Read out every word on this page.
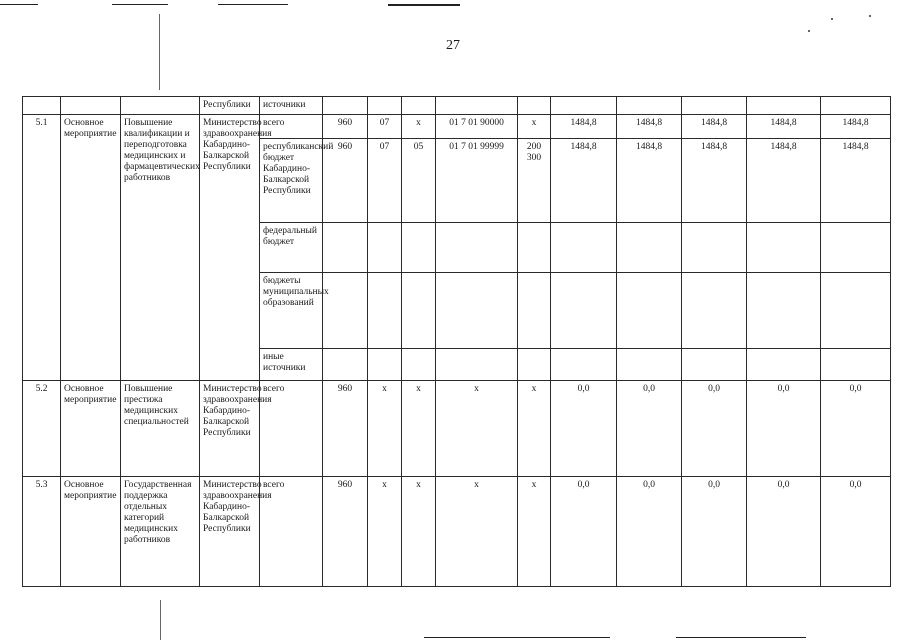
27
			Республики	источники										
5.1	Основное мероприятие	Повышение квалификации и переподготовка медицинских и фармацевтических работников	Министерство здравоохранения Кабардино-Балкарской Республики	всего	960	07	х	01 7 01 90000	х	1484,8	1484,8	1484,8	1484,8	1484,8
				республиканский бюджет Кабардино-Балкарской Республики	960	07	05	01 7 01 99999	200 300	1484,8	1484,8	1484,8	1484,8	1484,8
				федеральный бюджет										
				бюджеты муниципальных образований										
				иные источники										
5.2	Основное мероприятие	Повышение престижа медицинских специальностей	Министерство здравоохранения Кабардино-Балкарской Республики	всего	960	х	х	х	х	0,0	0,0	0,0	0,0	0,0
5.3	Основное мероприятие	Государственная поддержка отдельных категорий медицинских работников	Министерство здравоохранения Кабардино-Балкарской Республики	всего	960	х	х	х	х	0,0	0,0	0,0	0,0	0,0
